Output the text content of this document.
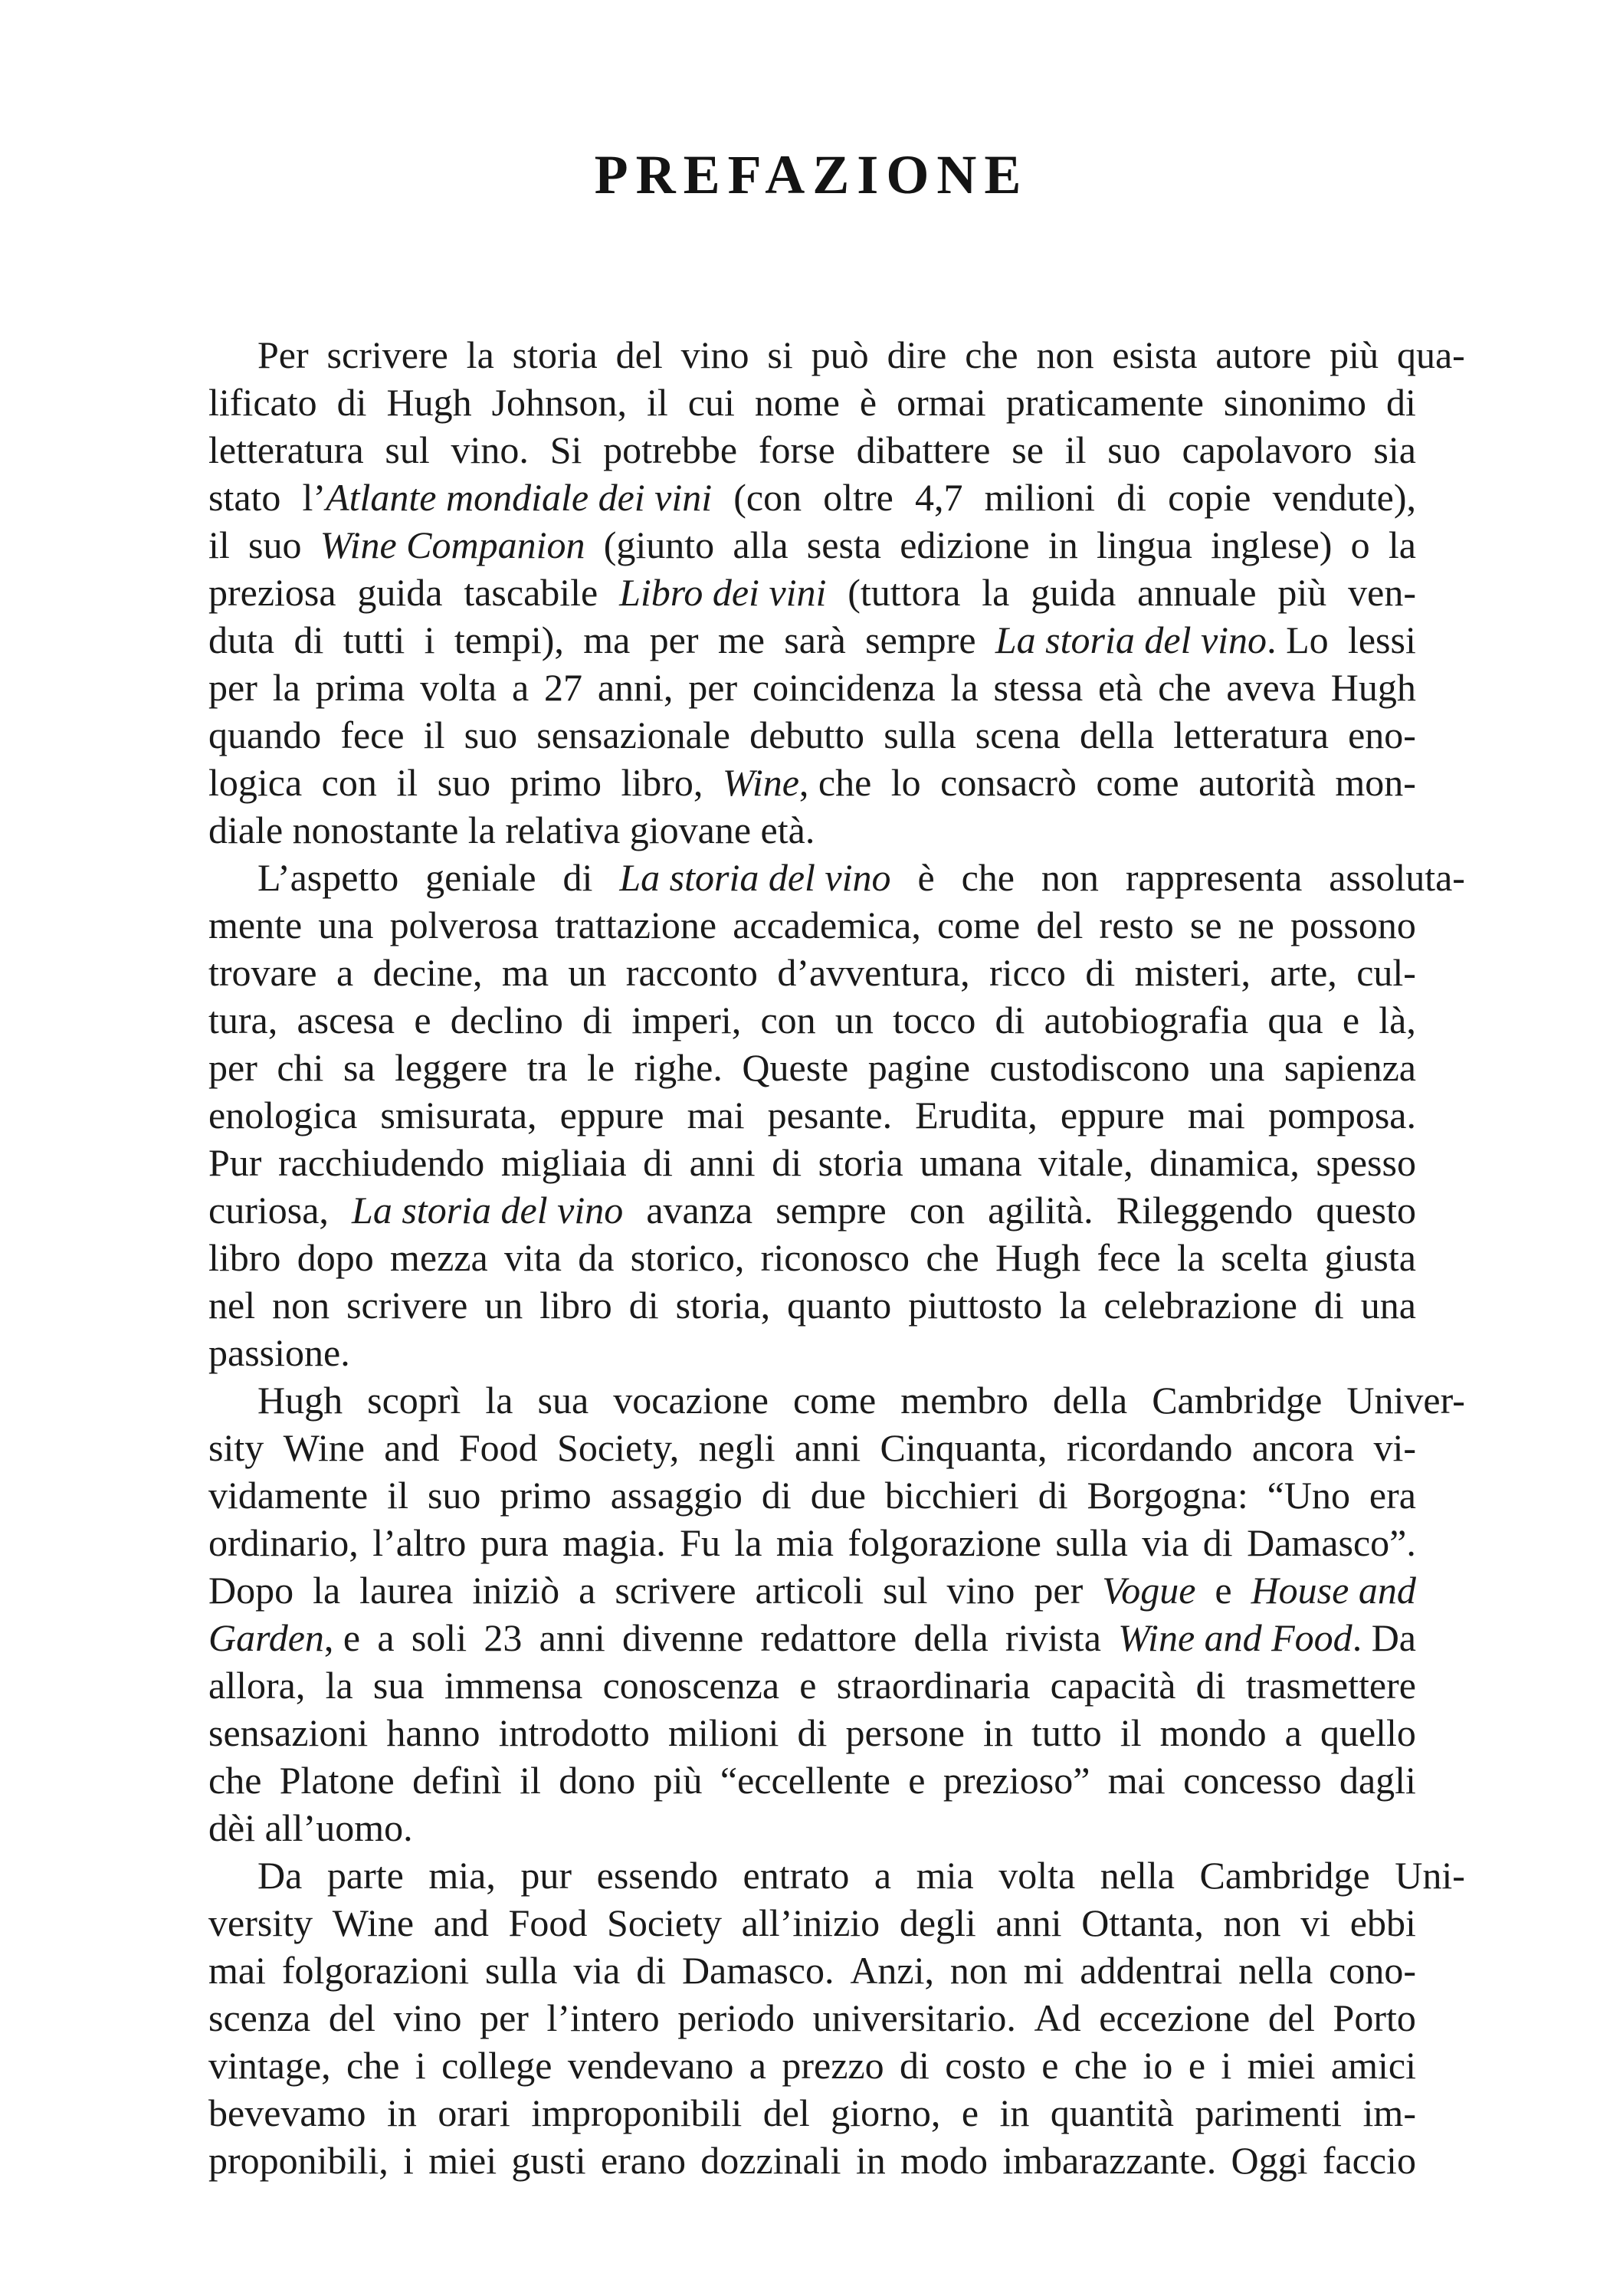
PREFAZIONE
Per scrivere la storia del vino si può dire che non esista autore più qua-
lificato di Hugh Johnson, il cui nome è ormai praticamente sinonimo di
letteratura sul vino. Si potrebbe forse dibattere se il suo capolavoro sia
stato l’Atlante mondiale dei vini (con oltre 4,7 milioni di copie vendute),
il suo Wine Companion (giunto alla sesta edizione in lingua inglese) o la
preziosa guida tascabile Libro dei vini (tuttora la guida annuale più ven-
duta di tutti i tempi), ma per me sarà sempre La storia del vino. Lo lessi
per la prima volta a 27 anni, per coincidenza la stessa età che aveva Hugh
quando fece il suo sensazionale debutto sulla scena della letteratura eno-
logica con il suo primo libro, Wine, che lo consacrò come autorità mon-
diale nonostante la relativa giovane età.
L’aspetto geniale di La storia del vino è che non rappresenta assoluta-
mente una polverosa trattazione accademica, come del resto se ne possono
trovare a decine, ma un racconto d’avventura, ricco di misteri, arte, cul-
tura, ascesa e declino di imperi, con un tocco di autobiografia qua e là,
per chi sa leggere tra le righe. Queste pagine custodiscono una sapienza
enologica smisurata, eppure mai pesante. Erudita, eppure mai pomposa.
Pur racchiudendo migliaia di anni di storia umana vitale, dinamica, spesso
curiosa, La storia del vino avanza sempre con agilità. Rileggendo questo
libro dopo mezza vita da storico, riconosco che Hugh fece la scelta giusta
nel non scrivere un libro di storia, quanto piuttosto la celebrazione di una
passione.
Hugh scoprì la sua vocazione come membro della Cambridge Univer-
sity Wine and Food Society, negli anni Cinquanta, ricordando ancora vi-
vidamente il suo primo assaggio di due bicchieri di Borgogna: “Uno era
ordinario, l’altro pura magia. Fu la mia folgorazione sulla via di Damasco”.
Dopo la laurea iniziò a scrivere articoli sul vino per Vogue e House and
Garden, e a soli 23 anni divenne redattore della rivista Wine and Food. Da
allora, la sua immensa conoscenza e straordinaria capacità di trasmettere
sensazioni hanno introdotto milioni di persone in tutto il mondo a quello
che Platone definì il dono più “eccellente e prezioso” mai concesso dagli
dèi all’uomo.
Da parte mia, pur essendo entrato a mia volta nella Cambridge Uni-
versity Wine and Food Society all’inizio degli anni Ottanta, non vi ebbi
mai folgorazioni sulla via di Damasco. Anzi, non mi addentrai nella cono-
scenza del vino per l’intero periodo universitario. Ad eccezione del Porto
vintage, che i college vendevano a prezzo di costo e che io e i miei amici
bevevamo in orari improponibili del giorno, e in quantità parimenti im-
proponibili, i miei gusti erano dozzinali in modo imbarazzante. Oggi faccio
